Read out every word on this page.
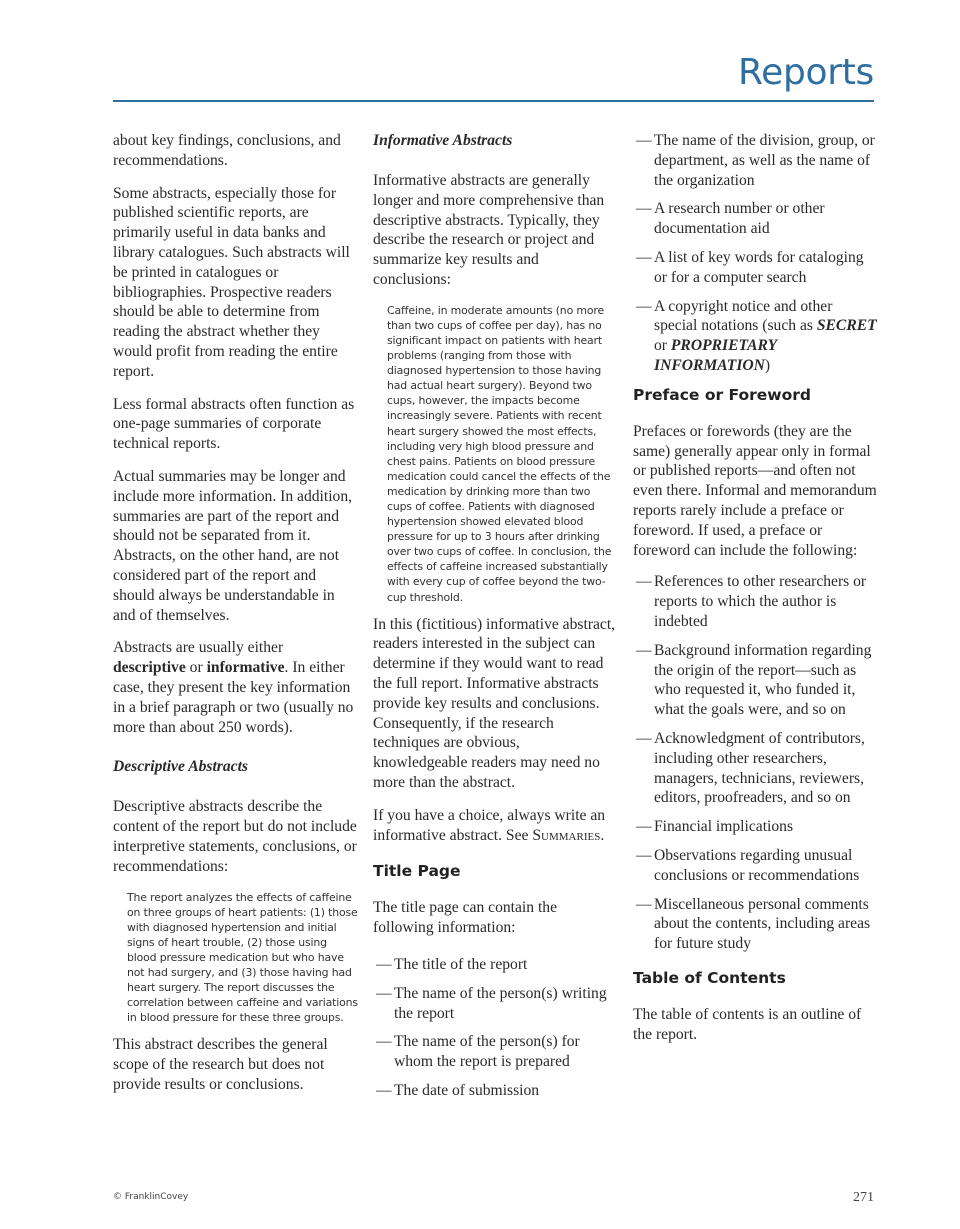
Reports

about key findings, conclusions, and recommendations.

Some abstracts, especially those for published scientific reports, are primarily useful in data banks and library catalogues. Such abstracts will be printed in catalogues or bibliographies. Prospective readers should be able to determine from reading the abstract whether they would profit from reading the entire report.

Less formal abstracts often function as one-page summaries of corporate technical reports.

Actual summaries may be longer and include more information. In addition, summaries are part of the report and should not be separated from it. Abstracts, on the other hand, are not considered part of the report and should always be understandable in and of themselves.

Abstracts are usually either descriptive or informative. In either case, they present the key information in a brief paragraph or two (usually no more than about 250 words).

Descriptive Abstracts

Descriptive abstracts describe the content of the report but do not include interpretive statements, conclusions, or recommendations:

The report analyzes the effects of caffeine on three groups of heart patients: (1) those with diagnosed hypertension and initial signs of heart trouble, (2) those using blood pressure medication but who have not had surgery, and (3) those having had heart surgery. The report discusses the correlation between caffeine and variations in blood pressure for these three groups.

This abstract describes the general scope of the research but does not provide results or conclusions.

Informative Abstracts

Informative abstracts are generally longer and more comprehensive than descriptive abstracts. Typically, they describe the research or project and summarize key results and conclusions:

Caffeine, in moderate amounts (no more than two cups of coffee per day), has no significant impact on patients with heart problems (ranging from those with diagnosed hypertension to those having had actual heart surgery). Beyond two cups, however, the impacts become increasingly severe. Patients with recent heart surgery showed the most effects, including very high blood pressure and chest pains. Patients on blood pressure medication could cancel the effects of the medication by drinking more than two cups of coffee. Patients with diagnosed hypertension showed elevated blood pressure for up to 3 hours after drinking over two cups of coffee. In conclusion, the effects of caffeine increased substantially with every cup of coffee beyond the two-cup threshold.

In this (fictitious) informative abstract, readers interested in the subject can determine if they would want to read the full report. Informative abstracts provide key results and conclusions. Consequently, if the research techniques are obvious, knowledgeable readers may need no more than the abstract.

If you have a choice, always write an informative abstract. See Summaries.

Title Page

The title page can contain the following information:

— The title of the report
— The name of the person(s) writing the report
— The name of the person(s) for whom the report is prepared
— The date of submission
— The name of the division, group, or department, as well as the name of the organization
— A research number or other documentation aid
— A list of key words for cataloging or for a computer search
— A copyright notice and other special notations (such as SECRET or PROPRIETARY INFORMATION)
Preface or Foreword

Prefaces or forewords (they are the same) generally appear only in formal or published reports—and often not even there. Informal and memorandum reports rarely include a preface or foreword. If used, a preface or foreword can include the following:

— References to other researchers or reports to which the author is indebted
— Background information regarding the origin of the report—such as who requested it, who funded it, what the goals were, and so on
— Acknowledgment of contributors, including other researchers, managers, technicians, reviewers, editors, proofreaders, and so on
— Financial implications
— Observations regarding unusual conclusions or recommendations
— Miscellaneous personal comments about the contents, including areas for future study
Table of Contents

The table of contents is an outline of the report.

© FranklinCovey	271
